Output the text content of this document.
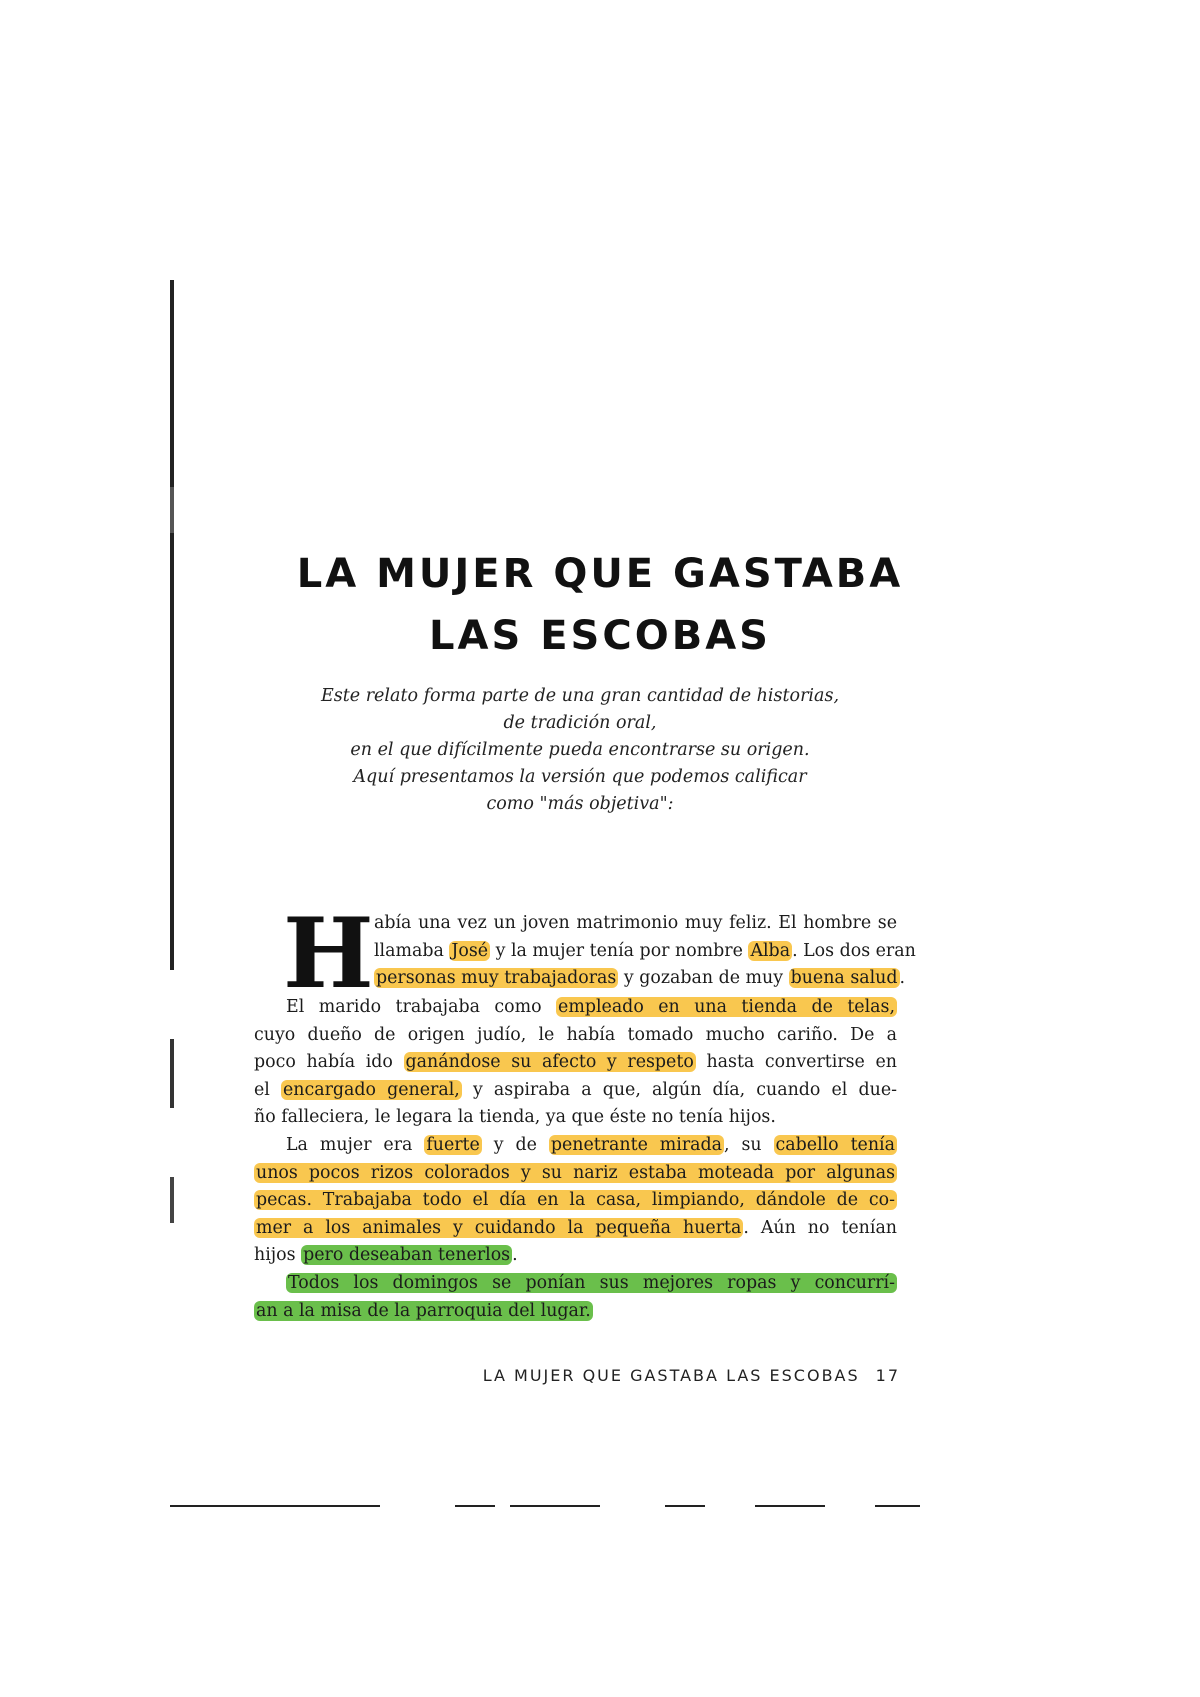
LA MUJER QUE GASTABA
LAS ESCOBAS
Este relato forma parte de una gran cantidad de historias,
de tradición oral,
en el que difícilmente pueda encontrarse su origen.
Aquí presentamos la versión que podemos calificar
como "más objetiva":
H abía una vez un joven matrimonio muy feliz. El hombre se
llamaba José y la mujer tenía por nombre Alba . Los dos eran
personas muy trabajadoras y gozaban de muy buena salud .
El marido trabajaba como empleado en una tienda de telas,
cuyo dueño de origen judío, le había tomado mucho cariño. De a
poco había ido ganándose su afecto y respeto hasta convertirse en
el encargado general, y aspiraba a que, algún día, cuando el due-
ño falleciera, le legara la tienda, ya que éste no tenía hijos.
La mujer era fuerte y de penetrante mirada , su cabello tenía
unos pocos rizos colorados y su nariz estaba moteada por algunas
pecas. Trabajaba todo el día en la casa, limpiando, dándole de co-
mer a los animales y cuidando la pequeña huerta . Aún no tenían
hijos pero deseaban tenerlos .
Todos los domingos se ponían sus mejores ropas y concurrí-
an a la misa de la parroquia del lugar.
LA MUJER QUE GASTABA LAS ESCOBAS 17
